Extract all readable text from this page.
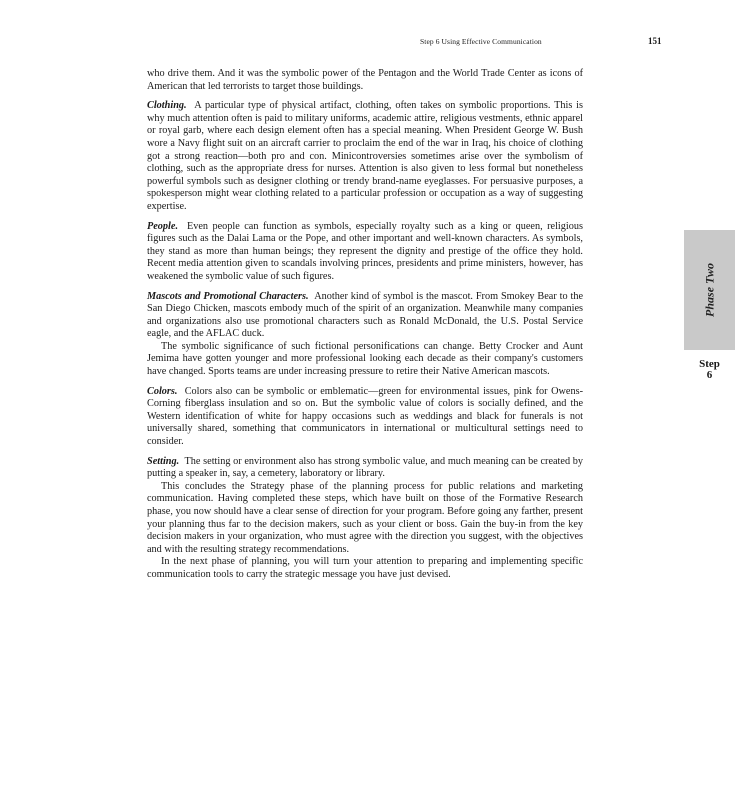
Step 6 Using Effective Communication	151

who drive them. And it was the symbolic power of the Pentagon and the World Trade Center as icons of American that led terrorists to target those buildings.

Clothing. A particular type of physical artifact, clothing, often takes on symbolic proportions. This is why much attention often is paid to military uniforms, academic attire, religious vestments, ethnic apparel or royal garb, where each design element often has a special meaning. When President George W. Bush wore a Navy flight suit on an aircraft carrier to proclaim the end of the war in Iraq, his choice of clothing got a strong reaction—both pro and con. Minicontroversies sometimes arise over the symbolism of clothing, such as the appropriate dress for nurses. Attention is also given to less formal but nonetheless powerful symbols such as designer clothing or trendy brand-name eyeglasses. For persuasive purposes, a spokesperson might wear clothing related to a particular profession or occupation as a way of suggesting expertise.

People. Even people can function as symbols, especially royalty such as a king or queen, religious figures such as the Dalai Lama or the Pope, and other important and well-known characters. As symbols, they stand as more than human beings; they represent the dignity and prestige of the office they hold. Recent media attention given to scandals involving princes, presidents and prime ministers, however, has weakened the symbolic value of such figures.

Mascots and Promotional Characters. Another kind of symbol is the mascot. From Smokey Bear to the San Diego Chicken, mascots embody much of the spirit of an organization. Meanwhile many companies and organizations also use promotional characters such as Ronald McDonald, the U.S. Postal Service eagle, and the AFLAC duck.

The symbolic significance of such fictional personifications can change. Betty Crocker and Aunt Jemima have gotten younger and more professional looking each decade as their company's customers have changed. Sports teams are under increasing pressure to retire their Native American mascots.

Colors. Colors also can be symbolic or emblematic—green for environmental issues, pink for Owens-Corning fiberglass insulation and so on. But the symbolic value of colors is socially defined, and the Western identification of white for happy occasions such as weddings and black for funerals is not universally shared, something that communicators in international or multicultural settings need to consider.

Setting. The setting or environment also has strong symbolic value, and much meaning can be created by putting a speaker in, say, a cemetery, laboratory or library.

This concludes the Strategy phase of the planning process for public relations and marketing communication. Having completed these steps, which have built on those of the Formative Research phase, you now should have a clear sense of direction for your program. Before going any farther, present your planning thus far to the decision makers, such as your client or boss. Gain the buy-in from the key decision makers in your organization, who must agree with the direction you suggest, with the objectives and with the resulting strategy recommendations.

In the next phase of planning, you will turn your attention to preparing and implementing specific communication tools to carry the strategic message you have just devised.

Phase Two
Step
6
